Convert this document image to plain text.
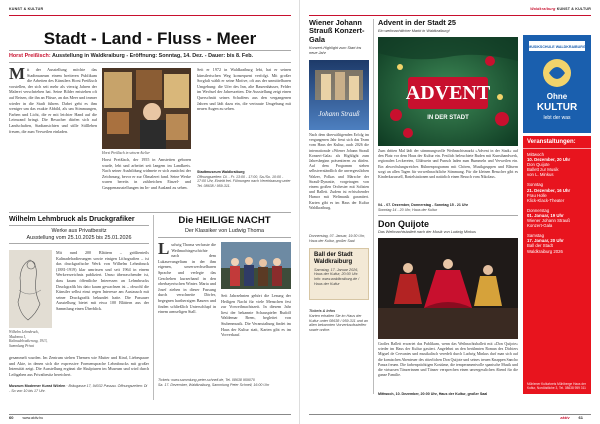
KUNST & KULTUR
Stadt - Land - Fluss - Meer
Horst Preißisch: Ausstellung in Waldkraiburg - Eröffnung: Sonntag, 14. Dez. - Dauer: bis 8. Feb.
M it der Ausstellung möchte das Stadtmuseum einem breiteren Publikum die Arbeiten des Künstlers Horst Preißisch vorstellen, der sich seit mehr als vierzig Jahren der Malerei verschrieben hat. Seine Bilder entstehen oft auf Reisen, die ihn an Flüsse, an das Meer und immer wieder in die Stadt führen. Dabei geht es ihm weniger um das exakte Abbild, als um Stimmungen, Farben und Licht, die er mit leichter Hand auf die Leinwand bringt. Die Besucher dürfen sich auf Landschaften, Stadtansichten und stille Stillleben freuen, die zum Verweilen einladen.
Horst Preißisch in seinem Atelier
Horst Preißisch, der 1955 in Amstetten geboren wurde, lebt und arbeitet seit langem im Landkreis. Nach seiner Ausbildung widmete er sich zunächst der Zeichnung, bevor er zur Ölmalerei fand. Seine Werke waren bereits in zahlreichen Einzel- und Gruppenausstellungen im In- und Ausland zu sehen.
Seit er 1972 in Waldkraiburg lebt, hat er seinen künstlerischen Weg konsequent verfolgt. Mit großer Sorgfalt wählt er seine Motive, oft aus der unmittelbaren Umgebung: die Ufer des Inn, alte Bauernhäuser, Felder im Wechsel der Jahreszeiten. Die Ausstellung zeigt einen Querschnitt seines Schaffens aus den vergangenen Jahren und lädt dazu ein, die vertraute Umgebung mit neuen Augen zu sehen.
Stadtmuseum Waldkraiburg
Öffnungszeiten: Di. - Fr. 13:00 - 17:00, Sa./So. 10:00 - 17:00 Uhr, Eintritt frei. Führungen nach Vereinbarung unter Tel. 08638 / 959-311.
Wilhelm Lehmbruck als Druckgrafiker
Werke aus Privatbesitz
Ausstellung vom 25.10.2025 bis 25.01.2026
Wilhelm Lehmbruck, Madonna I, Kaltnadelradierung, 1913, Sammlung Privat
Mit rund 200 Blättern – größtenteils Kaltnadelradierungen sowie einigen Lithografien – ist das druckgrafische Werk von Wilhelm Lehmbruck (1881-1919) klar umrissen und seit 1964 in einem Werkverzeichnis publiziert. Umso überraschender ist, dass kaum öffentliche Interessen an Lehmbrucks Druckgrafik bis dato kaum gewachsen ist – obwohl die Künstler selbst einst regen Interesse am Austausch mit seiner Druckgrafik bekundet hatte. Die Passauer Ausstellung bietet mit etwa 100 Blättern aus der Sammlung einen Überblick.
gesammelt wurden. Im Zentrum stehen Themen wie Mutter und Kind, Liebespaare und Akte, in denen sich die expressive Formensprache Lehmbrucks mit großer Intensität zeigt. Die Ausstellung ergänzt die Skulpturen im Museum und wird durch Leihgaben aus Privatbesitz bereichert.
Museum Moderner Kunst Wörlen · Bräugasse 17, 94032 Passau. Öffnungszeiten: Di - So von 10 bis 17 Uhr.
Die HEILIGE NACHT
Der Klassiker von Ludwig Thoma
L udwig Thoma verfasste die Weihnachtsgeschichte nach dem Lukasevangelium in der ihm eigenen, unverwechselbaren Sprache und verlegte das Geschehen kurzerhand in den oberbayerischen Winter. Maria und Josef ziehen in dieser Fassung durch verschneite Dörfer, begegnen hartherzigen Bauern und finden schließlich Unterschlupf in einem armseligen Stall.
Seit Jahrzehnten gehört die Lesung der Heiligen Nacht für viele Menschen fest zur Vorweihnachtszeit. In diesem Jahr liest der bekannte Schauspieler Rudolf Waldemar Brem, begleitet von Stubenmusik. Die Veranstaltung findet im Haus der Kultur statt, Karten gibt es im Vorverkauf.
Tickets: www.sammlung-peter-schnell.de, Tel. 08638 959070
Sa. 17. Dezember, Waldkraiburg, Sammlung Peter Schnell, 16:00 Uhr
60	www.aktiv.hu
Waldkraiburg KUNST & KULTUR
Wiener Johann Strauß Konzert-Gala
Konzert-Highlight zum Start ins neue Jahr
Johann Strauß
Nach dem überwältigenden Erfolg im vergangenen Jahr freut sich das Team vom Haus der Kultur, auch 2026 die internationale »Wiener Johann Strauß Konzert-Gala« als Highlight zum Jahresbeginn präsentieren zu dürfen. Auf dem Programm stehen selbstverständlich die unvergesslichen Walzer, Polkas und Märsche der Strauß-Dynastie, vorgetragen von einem großen Orchester mit Solisten und Ballett. Zudem ist erfrischender Humor mit Weltmusik garantiert. Karten gibt es im Haus der Kultur Waldkraiburg.
Donnerstag, 07. Januar, 19:30 Uhr, Haus der Kultur, großer Saal
Ball der Stadt Waldkraiburg
Samstag, 17. Januar 2026, Haus der Kultur, 20:00 Uhr. Info: www.waldkraiburg.de / Haus der Kultur
Tickets & Infos
Karten erhalten Sie im Haus der Kultur unter 08638 / 959-311 und an allen bekannten Vorverkaufsstellen sowie online.
Advent in der Stadt 25
Ein weihnachtlicher Markt in Waldkraiburg!
ADVENT
IN DER STADT
Zum dritten Mal lädt der stimmungsvolle Weihnachtsmarkt »Advent in der Stadt« auf den Platz vor dem Haus der Kultur ein. Festlich beleuchtete Buden mit Kunsthandwerk, regionalen Leckereien, Glühwein und Punsch laden zum Bummeln und Verweilen ein. Ein abwechslungsreiches Bühnenprogramm mit Chören, Musikgruppen und Bläsern sorgt an allen Tagen für vorweihnachtliche Stimmung. Für die kleinen Besucher gibt es Kinderkarussell, Bastelstationen und natürlich einen Besuch vom Nikolaus.
04. - 07. Dezember, Donnerstag - Sonntag 15 - 21 Uhr
Sonntag 14 - 20 Uhr, Haus der Kultur
Don Quijote
Das Weihnachtsballett nach der Musik von Ludwig Minkus
Großes Ballett erwartet das Publikum, wenn das Weihnachtsballett mit »Don Quijote« wieder im Haus der Kultur gastiert. Angelehnt an den berühmten Roman des Dichters Miguel de Cervantes und musikalisch veredelt durch Ludwig Minkus darf man sich auf die komischen Abenteuer des ritterlichen Don Quijote und seines treuen Knappen Sancho Panza freuen. Die farbenprächtigen Kostüme, die temperamentvolle spanische Musik und die virtuosen Tänzerinnen und Tänzer versprechen einen unvergesslichen Abend für die ganze Familie.
Mittwoch, 10. Dezember, 20:00 Uhr, Haus der Kultur, großer Saal
MUSIKSCHULE WALDKRAIBURG
Ohne
KULTUR
lebt der was
Veranstaltungen:
Mittwoch
10. Dezember, 20 Uhr
Don Quijote
Ballett zur Musik
von L. Minkus
Sonntag
21. Dezember, 16 Uhr
Frau Holle
Klick-Klack-Theater
Donnerstag
01. Januar, 19 Uhr
Wiener Johann Strauß
Konzert-Gala
Samstag
17. Januar, 20 Uhr
Ball der Stadt
Waldkraiburg 2026
Mühlener Kulturkreis Mühlberge Haus der Kultur, Nordöstliche 3, Tel. 08638 959 311
aktiv 61
